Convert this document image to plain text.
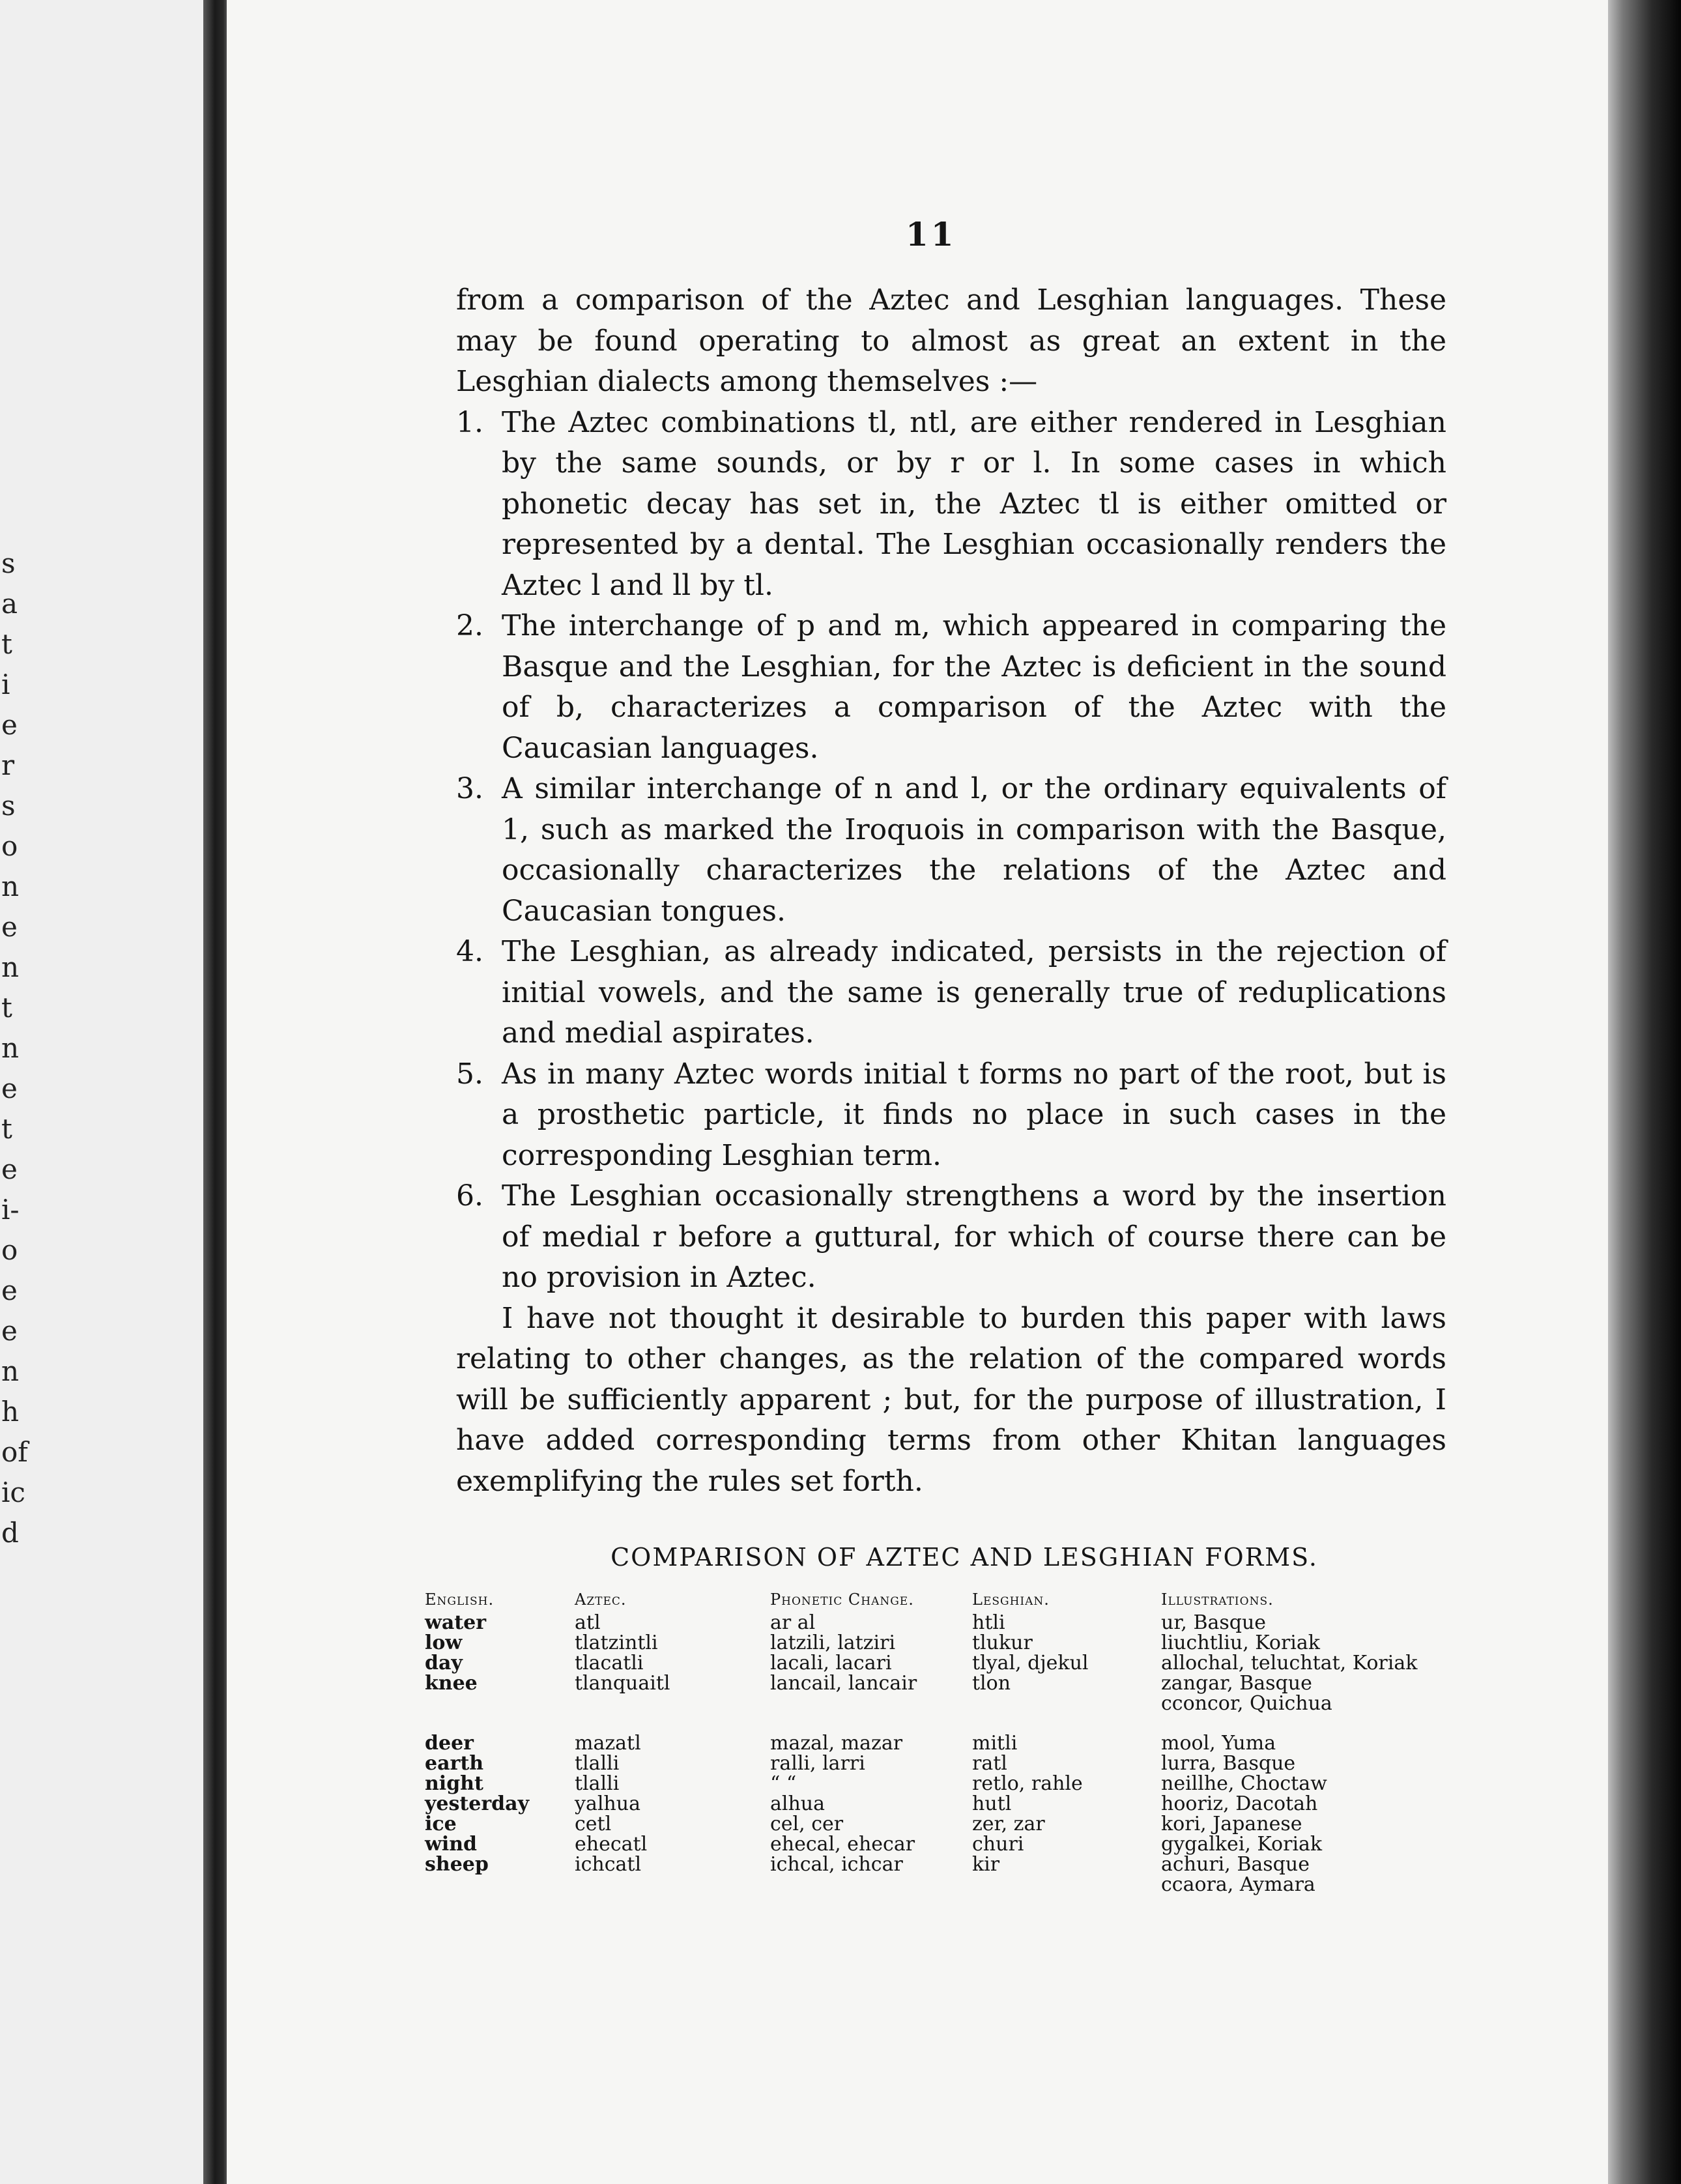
s
a
t
i
e
r
s
o
n
e
n
t
n
e
t
e
i-
o
e
e
n
h
of
ic
d
11

from a comparison of the Aztec and Lesghian languages. These may be found operating to almost as great an extent in the Lesghian dialects among themselves :—

1. The Aztec combinations tl, ntl, are either rendered in Lesghian by the same sounds, or by r or l. In some cases in which phonetic decay has set in, the Aztec tl is either omitted or represented by a dental. The Lesghian occasionally renders the Aztec l and ll by tl.
2. The interchange of p and m, which appeared in comparing the Basque and the Lesghian, for the Aztec is deficient in the sound of b, characterizes a comparison of the Aztec with the Caucasian languages.
3. A similar interchange of n and l, or the ordinary equivalents of 1, such as marked the Iroquois in comparison with the Basque, occasionally characterizes the relations of the Aztec and Caucasian tongues.
4. The Lesghian, as already indicated, persists in the rejection of initial vowels, and the same is generally true of reduplications and medial aspirates.
5. As in many Aztec words initial t forms no part of the root, but is a prosthetic particle, it finds no place in such cases in the corresponding Lesghian term.
6. The Lesghian occasionally strengthens a word by the insertion of medial r before a guttural, for which of course there can be no provision in Aztec.

I have not thought it desirable to burden this paper with laws relating to other changes, as the relation of the compared words will be sufficiently apparent ; but, for the purpose of illustration, I have added corresponding terms from other Khitan languages exemplifying the rules set forth.

COMPARISON OF AZTEC AND LESGHIAN FORMS.
English.	Aztec.	Phonetic Change.	Lesghian.	Illustrations.
water	atl	ar al	htli	ur, Basque
low	tlatzintli	latzili, latziri	tlukur	liuchtliu, Koriak
day	tlacatli	lacali, lacari	tlyal, djekul	allochal, teluchtat, Koriak
knee	tlanquaitl	lancail, lancair	tlon	zangar, Basque
				cconcor, Quichua

deer	mazatl	mazal, mazar	mitli	mool, Yuma
earth	tlalli	ralli, larri	ratl	lurra, Basque
night	tlalli	“ “	retlo, rahle	neillhe, Choctaw
yesterday	yalhua	alhua	hutl	hooriz, Dacotah
ice	cetl	cel, cer	zer, zar	kori, Japanese
wind	ehecatl	ehecal, ehecar	churi	gygalkei, Koriak
sheep	ichcatl	ichcal, ichcar	kir	achuri, Basque
				ccaora, Aymara
